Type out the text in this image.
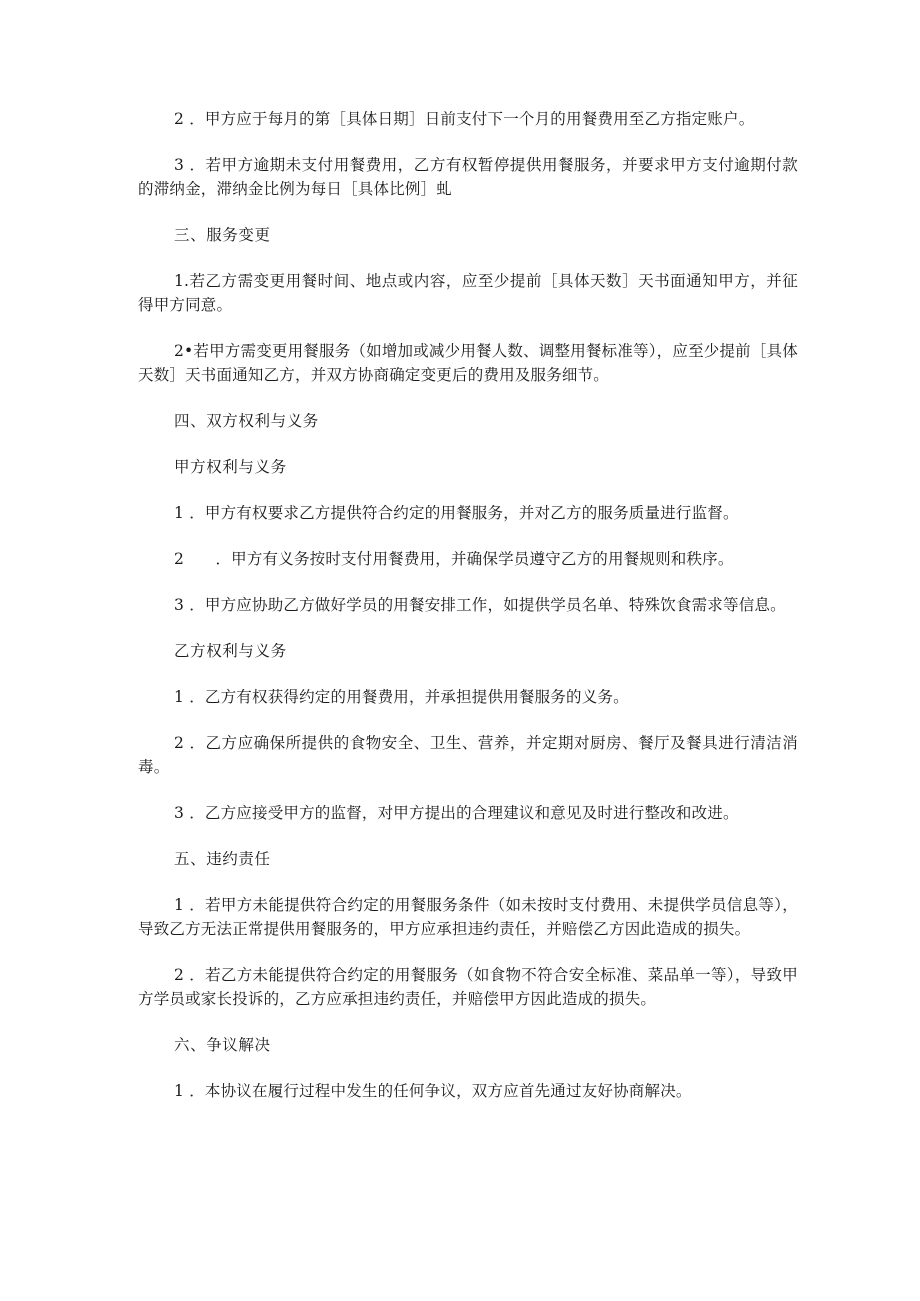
2 ．甲方应于每月的第［具体日期］日前支付下一个月的用餐费用至乙方指定账户。

3 ．若甲方逾期未支付用餐费用，乙方有权暂停提供用餐服务，并要求甲方支付逾期付款的滞纳金，滞纳金比例为每日［具体比例］虬

三、服务变更

1.若乙方需变更用餐时间、地点或内容，应至少提前［具体天数］天书面通知甲方，并征得甲方同意。

2•若甲方需变更用餐服务（如增加或减少用餐人数、调整用餐标准等），应至少提前［具体天数］天书面通知乙方，并双方协商确定变更后的费用及服务细节。

四、双方权利与义务

甲方权利与义务

1 ．甲方有权要求乙方提供符合约定的用餐服务，并对乙方的服务质量进行监督。

2　　．甲方有义务按时支付用餐费用，并确保学员遵守乙方的用餐规则和秩序。

3 ．甲方应协助乙方做好学员的用餐安排工作，如提供学员名单、特殊饮食需求等信息。

乙方权利与义务

1 ．乙方有权获得约定的用餐费用，并承担提供用餐服务的义务。

2 ．乙方应确保所提供的食物安全、卫生、营养，并定期对厨房、餐厅及餐具进行清洁消毒。

3 ．乙方应接受甲方的监督，对甲方提出的合理建议和意见及时进行整改和改进。

五、违约责任

1 ．若甲方未能提供符合约定的用餐服务条件（如未按时支付费用、未提供学员信息等），导致乙方无法正常提供用餐服务的，甲方应承担违约责任，并赔偿乙方因此造成的损失。

2 ．若乙方未能提供符合约定的用餐服务（如食物不符合安全标准、菜品单一等），导致甲方学员或家长投诉的，乙方应承担违约责任，并赔偿甲方因此造成的损失。

六、争议解决

1 ．本协议在履行过程中发生的任何争议，双方应首先通过友好协商解决。
